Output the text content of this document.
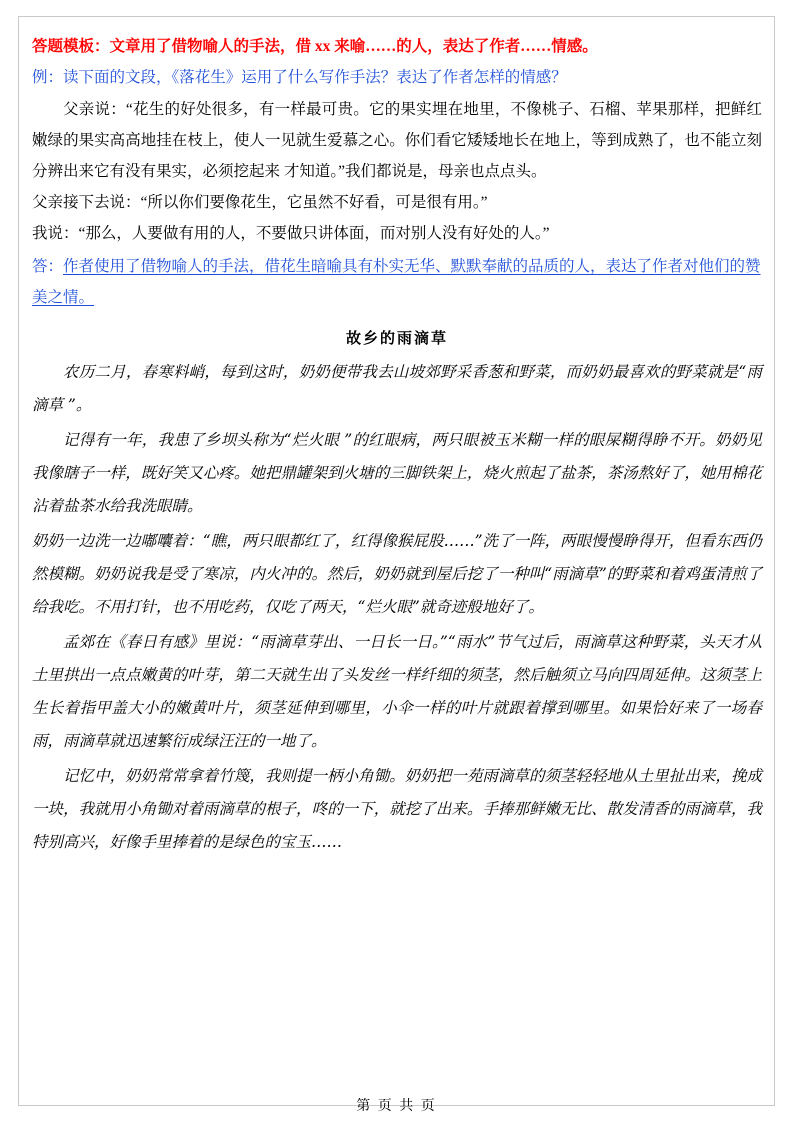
答题模板：文章用了借物喻人的手法，借 xx 来喻……的人，表达了作者……情感。
例：读下面的文段，《落花生》运用了什么写作手法？表达了作者怎样的情感？

父亲说：“花生的好处很多，有一样最可贵。它的果实埋在地里，不像桃子、石榴、苹果那样，把鲜红嫩绿的果实高高地挂在枝上，使人一见就生爱慕之心。你们看它矮矮地长在地上，等到成熟了，也不能立刻分辨出来它有没有果实，必须挖起来 才知道。”我们都说是，母亲也点点头。

父亲接下去说：“所以你们要像花生，它虽然不好看，可是很有用。”

我说：“那么，人要做有用的人，不要做只讲体面，而对别人没有好处的人。”

答：作者使用了借物喻人的手法，借花生暗喻具有朴实无华、默默奉献的品质的人，表达了作者对他们的赞美之情。
故乡的雨滴草

农历二月，春寒料峭，每到这时，奶奶便带我去山坡郊野采香葱和野菜，而奶奶最喜欢的野菜就是“雨滴草 ”。

记得有一年，我患了乡坝头称为“烂火眼 ”的红眼病，两只眼被玉米糊一样的眼屎糊得睁不开。奶奶见我像瞎子一样，既好笑又心疼。她把鼎罐架到火塘的三脚铁架上，烧火煎起了盐茶，茶汤熬好了，她用棉花沾着盐茶水给我洗眼睛。

奶奶一边洗一边嘟囔着：“瞧，两只眼都红了，红得像猴屁股……”洗了一阵，两眼慢慢睁得开，但看东西仍然模糊。奶奶说我是受了寒凉，内火冲的。然后，奶奶就到屋后挖了一种叫“雨滴草”的野菜和着鸡蛋清煎了给我吃。不用打针，也不用吃药，仅吃了两天，“烂火眼”就奇迹般地好了。

孟郊在《春日有感》里说：“雨滴草芽出、一日长一日。”“雨水”节气过后，雨滴草这种野菜，头天才从土里拱出一点点嫩黄的叶芽，第二天就生出了头发丝一样纤细的须茎，然后触须立马向四周延伸。这须茎上生长着指甲盖大小的嫩黄叶片，须茎延伸到哪里，小伞一样的叶片就跟着撑到哪里。如果恰好来了一场春雨，雨滴草就迅速繁衍成绿汪汪的一地了。

记忆中，奶奶常常拿着竹篾，我则提一柄小角锄。奶奶把一苑雨滴草的须茎轻轻地从土里扯出来，挽成一块，我就用小角锄对着雨滴草的根子，咚的一下，就挖了出来。手捧那鲜嫩无比、散发清香的雨滴草，我特别高兴，好像手里捧着的是绿色的宝玉……

第 页 共 页
